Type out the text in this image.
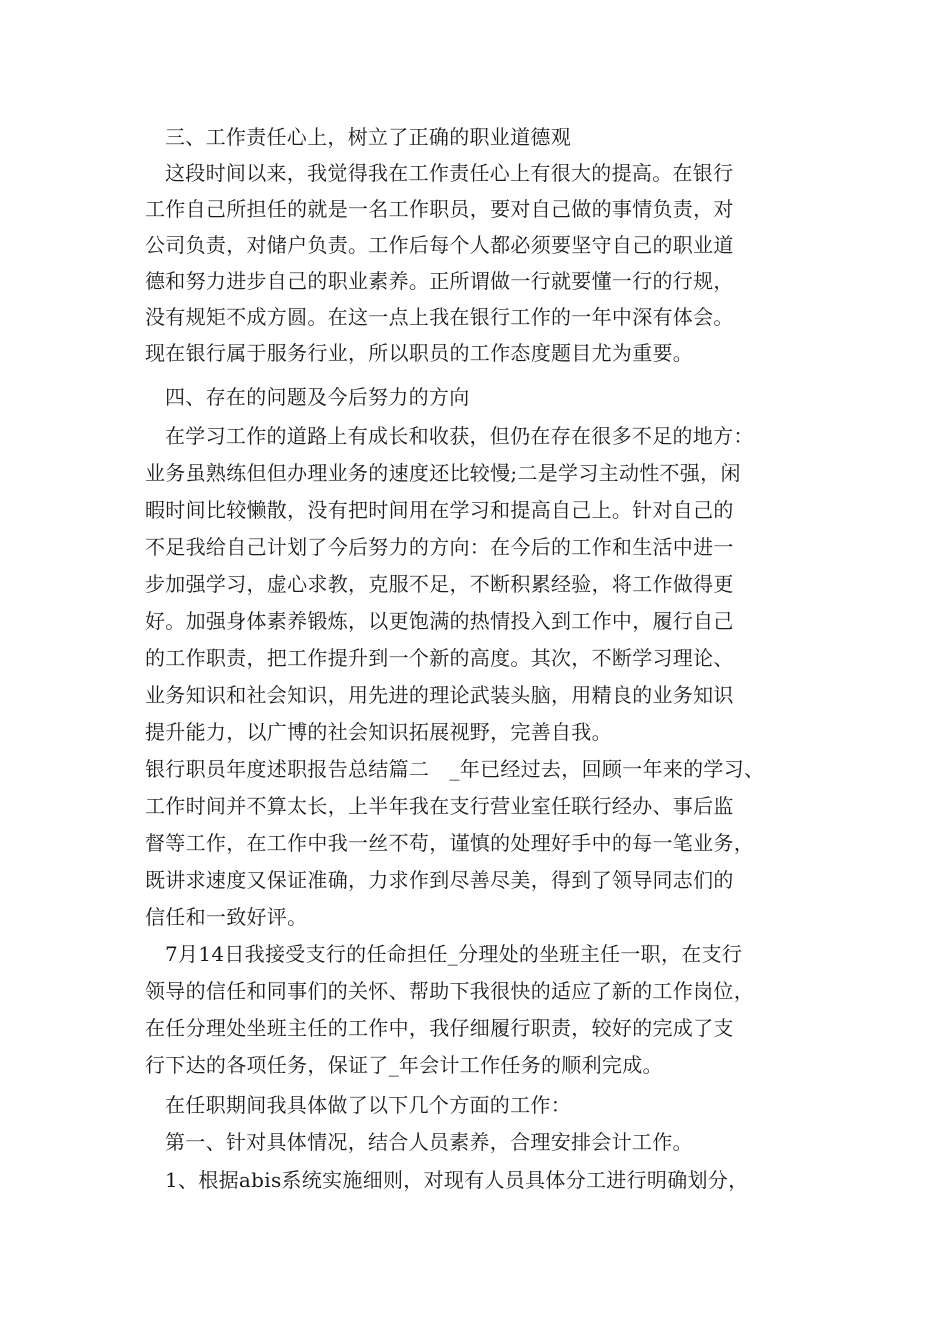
三、工作责任心上，树立了正确的职业道德观
这段时间以来，我觉得我在工作责任心上有很大的提高。在银行
工作自己所担任的就是一名工作职员，要对自己做的事情负责，对
公司负责，对储户负责。工作后每个人都必须要坚守自己的职业道
德和努力进步自己的职业素养。正所谓做一行就要懂一行的行规，
没有规矩不成方圆。在这一点上我在银行工作的一年中深有体会。
现在银行属于服务行业，所以职员的工作态度题目尤为重要。
四、存在的问题及今后努力的方向
在学习工作的道路上有成长和收获，但仍在存在很多不足的地方：
业务虽熟练但但办理业务的速度还比较慢;二是学习主动性不强，闲
暇时间比较懒散，没有把时间用在学习和提高自己上。针对自己的
不足我给自己计划了今后努力的方向：在今后的工作和生活中进一
步加强学习，虚心求教，克服不足，不断积累经验，将工作做得更
好。加强身体素养锻炼，以更饱满的热情投入到工作中，履行自己
的工作职责，把工作提升到一个新的高度。其次，不断学习理论、
业务知识和社会知识，用先进的理论武装头脑，用精良的业务知识
提升能力，以广博的社会知识拓展视野，完善自我。
银行职员年度述职报告总结篇二　_年已经过去，回顾一年来的学习、
工作时间并不算太长，上半年我在支行营业室任联行经办、事后监
督等工作，在工作中我一丝不苟，谨慎的处理好手中的每一笔业务，
既讲求速度又保证准确，力求作到尽善尽美，得到了领导同志们的
信任和一致好评。
7月14日我接受支行的任命担任_分理处的坐班主任一职，在支行
领导的信任和同事们的关怀、帮助下我很快的适应了新的工作岗位，
在任分理处坐班主任的工作中，我仔细履行职责，较好的完成了支
行下达的各项任务，保证了_年会计工作任务的顺利完成。
在任职期间我具体做了以下几个方面的工作：
第一、针对具体情况，结合人员素养，合理安排会计工作。
1、根据abis系统实施细则，对现有人员具体分工进行明确划分，
